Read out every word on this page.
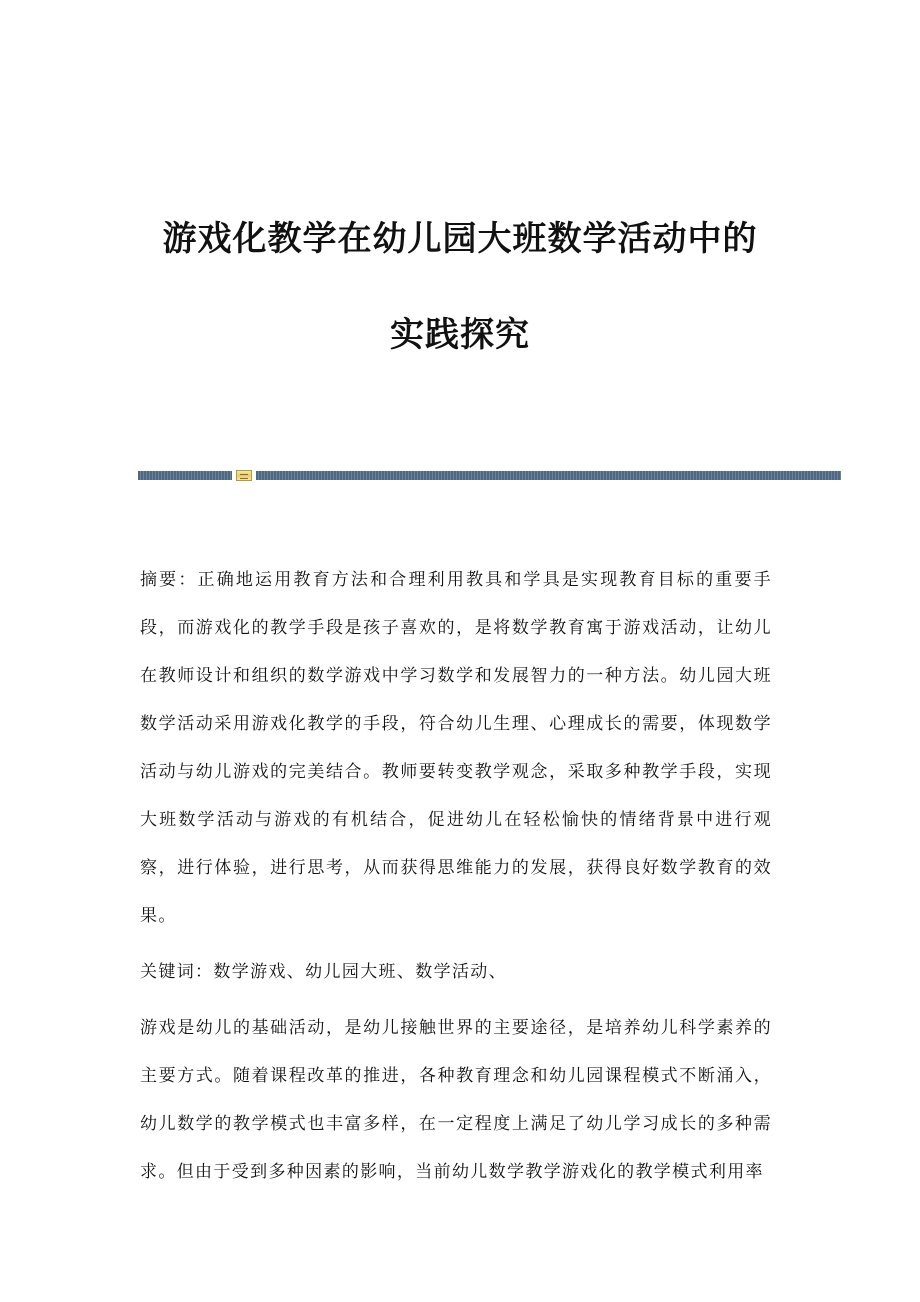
游戏化教学在幼儿园大班数学活动中的
实践探究

摘要：正确地运用教育方法和合理利用教具和学具是实现教育目标的重要手段，而游戏化的教学手段是孩子喜欢的，是将数学教育寓于游戏活动，让幼儿在教师设计和组织的数学游戏中学习数学和发展智力的一种方法。幼儿园大班数学活动采用游戏化教学的手段，符合幼儿生理、心理成长的需要，体现数学活动与幼儿游戏的完美结合。教师要转变教学观念，采取多种教学手段，实现大班数学活动与游戏的有机结合，促进幼儿在轻松愉快的情绪背景中进行观察，进行体验，进行思考，从而获得思维能力的发展，获得良好数学教育的效果。

关键词：数学游戏、幼儿园大班、数学活动、

游戏是幼儿的基础活动，是幼儿接触世界的主要途径，是培养幼儿科学素养的主要方式。随着课程改革的推进，各种教育理念和幼儿园课程模式不断涌入，幼儿数学的教学模式也丰富多样，在一定程度上满足了幼儿学习成长的多种需求。但由于受到多种因素的影响，当前幼儿数学教学游戏化的教学模式利用率
